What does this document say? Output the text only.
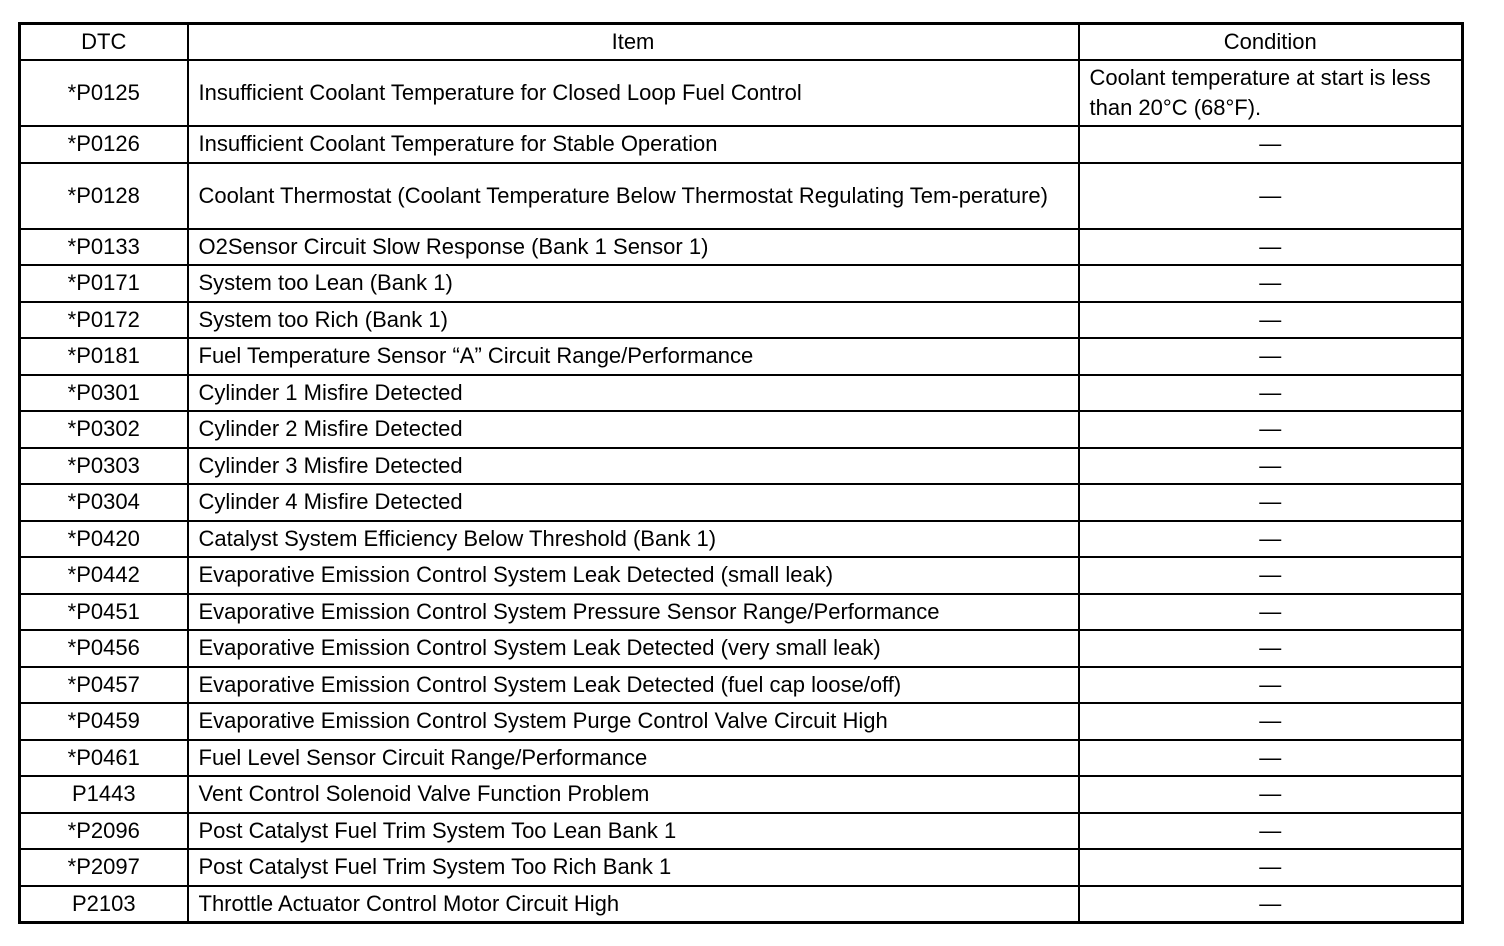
DTC	Item	Condition
*P0125	Insufficient Coolant Temperature for Closed Loop Fuel Control	Coolant temperature at start is less than 20°C (68°F).
*P0126	Insufficient Coolant Temperature for Stable Operation	—
*P0128	Coolant Thermostat (Coolant Temperature Below Thermostat Regulating Tem-perature)	—
*P0133	O2Sensor Circuit Slow Response (Bank 1 Sensor 1)	—
*P0171	System too Lean (Bank 1)	—
*P0172	System too Rich (Bank 1)	—
*P0181	Fuel Temperature Sensor “A” Circuit Range/Performance	—
*P0301	Cylinder 1 Misfire Detected	—
*P0302	Cylinder 2 Misfire Detected	—
*P0303	Cylinder 3 Misfire Detected	—
*P0304	Cylinder 4 Misfire Detected	—
*P0420	Catalyst System Efficiency Below Threshold (Bank 1)	—
*P0442	Evaporative Emission Control System Leak Detected (small leak)	—
*P0451	Evaporative Emission Control System Pressure Sensor Range/Performance	—
*P0456	Evaporative Emission Control System Leak Detected (very small leak)	—
*P0457	Evaporative Emission Control System Leak Detected (fuel cap loose/off)	—
*P0459	Evaporative Emission Control System Purge Control Valve Circuit High	—
*P0461	Fuel Level Sensor Circuit Range/Performance	—
P1443	Vent Control Solenoid Valve Function Problem	—
*P2096	Post Catalyst Fuel Trim System Too Lean Bank 1	—
*P2097	Post Catalyst Fuel Trim System Too Rich Bank 1	—
P2103	Throttle Actuator Control Motor Circuit High	—
